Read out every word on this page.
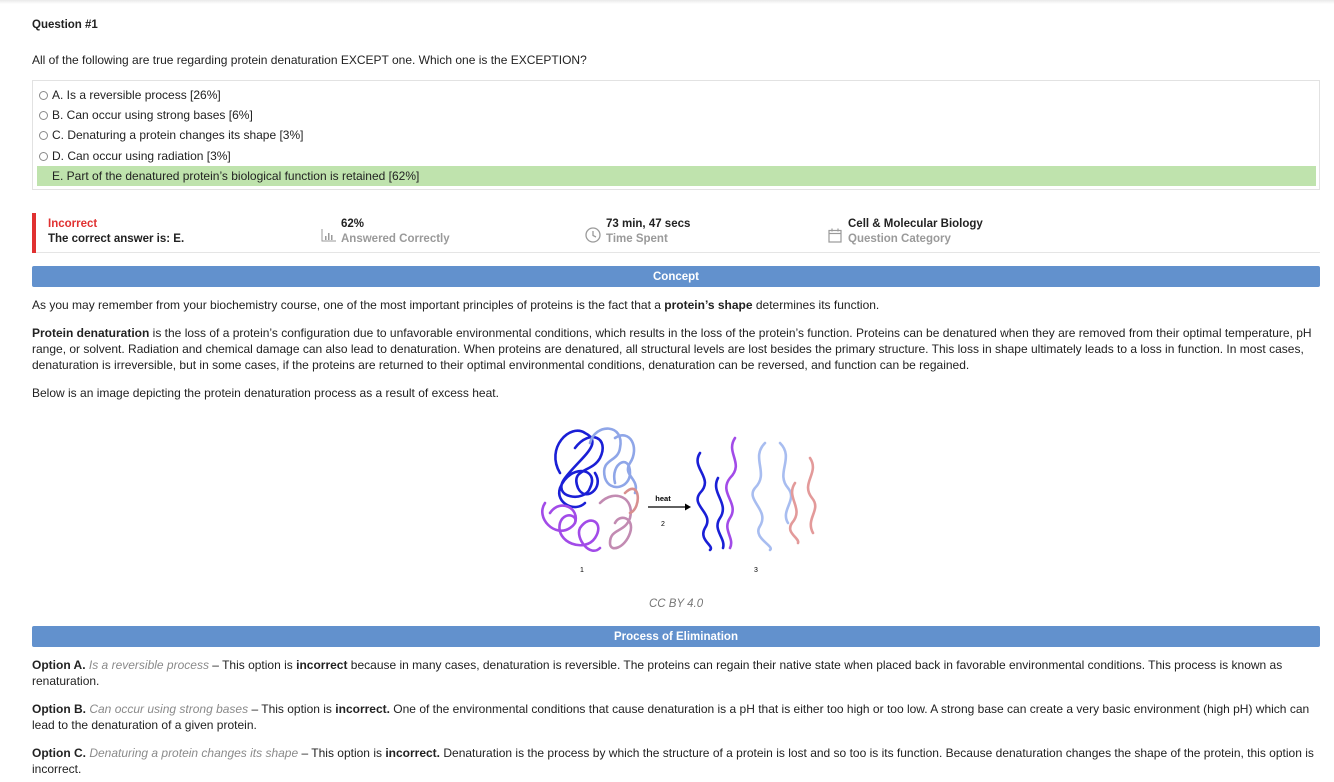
Question #1
All of the following are true regarding protein denaturation EXCEPT one. Which one is the EXCEPTION?
A. Is a reversible process [26%]
B. Can occur using strong bases [6%]
C. Denaturing a protein changes its shape [3%]
D. Can occur using radiation [3%]
E. Part of the denatured protein’s biological function is retained [62%]
Incorrect
The correct answer is: E.
62%
Answered Correctly
73 min, 47 secs
Time Spent
Cell & Molecular Biology
Question Category
Concept
As you may remember from your biochemistry course, one of the most important principles of proteins is the fact that a protein’s shape determines its function.
Protein denaturation is the loss of a protein’s configuration due to unfavorable environmental conditions, which results in the loss of the protein’s function. Proteins can be denatured when they are removed from their optimal temperature, pH range, or solvent. Radiation and chemical damage can also lead to denaturation. When proteins are denatured, all structural levels are lost besides the primary structure. This loss in shape ultimately leads to a loss in function. In most cases, denaturation is irreversible, but in some cases, if the proteins are returned to their optimal environmental conditions, denaturation can be reversed, and function can be regained.
Below is an image depicting the protein denaturation process as a result of excess heat.
heat
2
1	3
CC BY 4.0
Process of Elimination
Option A. Is a reversible process – This option is incorrect because in many cases, denaturation is reversible. The proteins can regain their native state when placed back in favorable environmental conditions. This process is known as renaturation.
Option B. Can occur using strong bases – This option is incorrect. One of the environmental conditions that cause denaturation is a pH that is either too high or too low. A strong base can create a very basic environment (high pH) which can lead to the denaturation of a given protein.
Option C. Denaturing a protein changes its shape – This option is incorrect. Denaturation is the process by which the structure of a protein is lost and so too is its function. Because denaturation changes the shape of the protein, this option is incorrect.
